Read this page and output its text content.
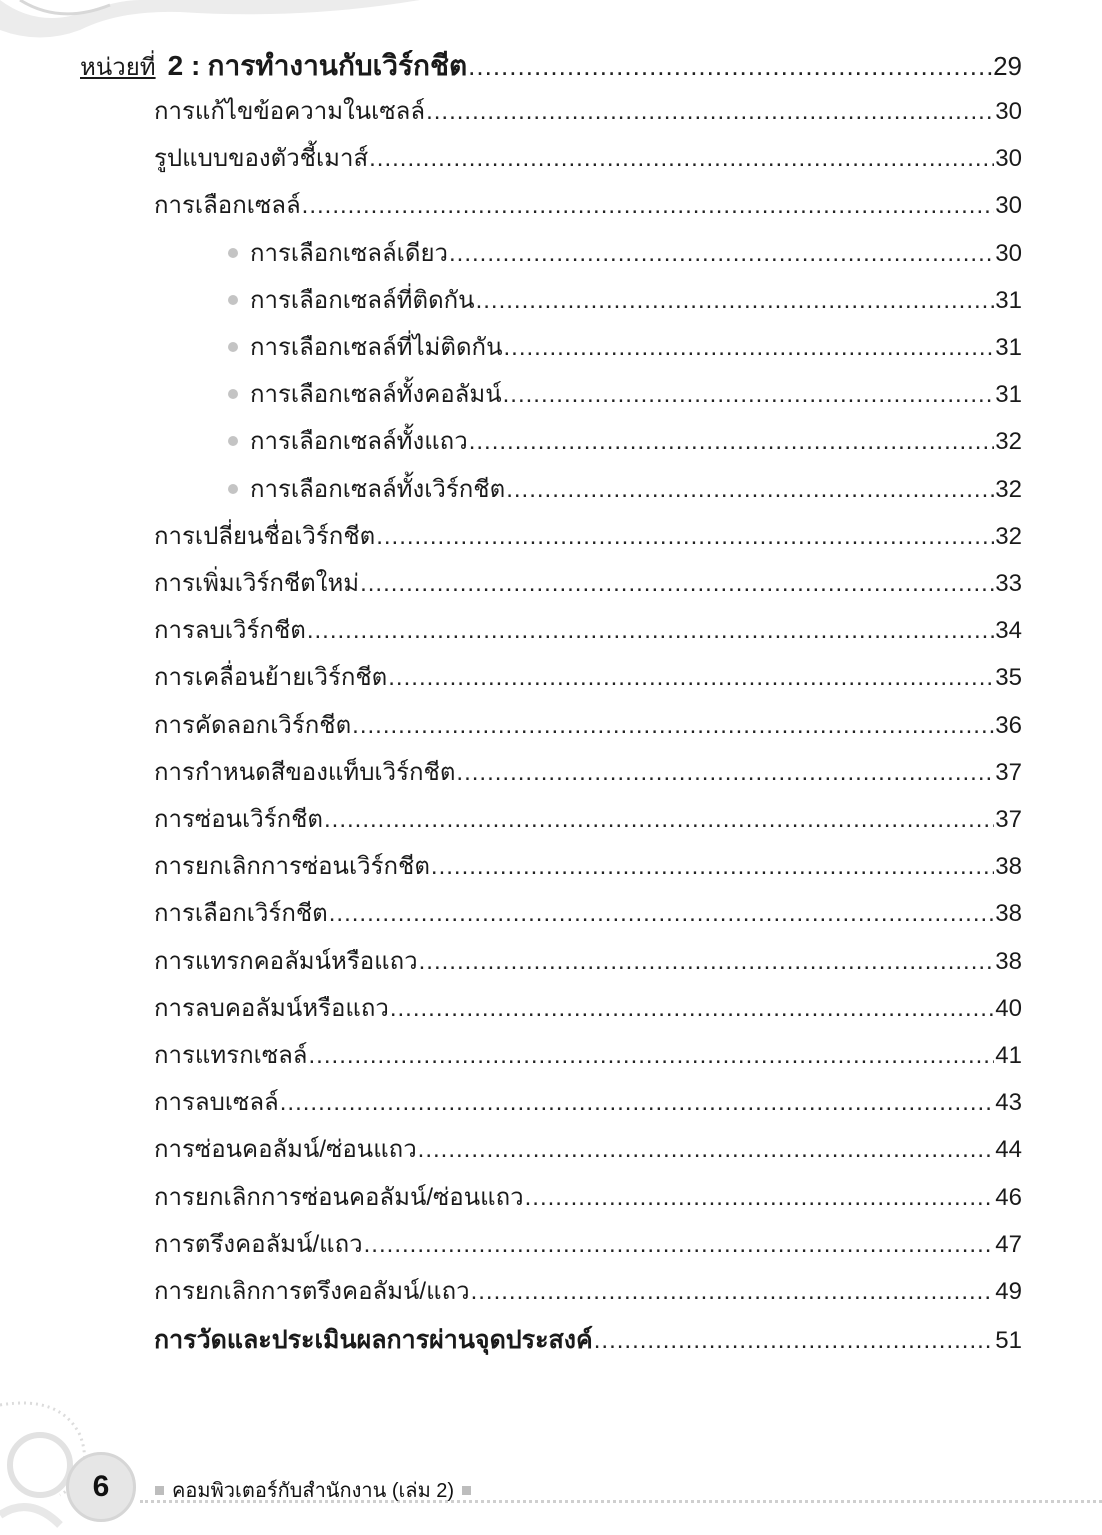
หน่วยที่ 2 : การทำงานกับเวิร์กชีต .....	29
การแก้ไขข้อความในเซลล์ .....	30
รูปแบบของตัวชี้เมาส์ .....	30
การเลือกเซลล์ .....	30
การเลือกเซลล์เดียว .....	30
การเลือกเซลล์ที่ติดกัน .....	31
การเลือกเซลล์ที่ไม่ติดกัน .....	31
การเลือกเซลล์ทั้งคอลัมน์ .....	31
การเลือกเซลล์ทั้งแถว .....	32
การเลือกเซลล์ทั้งเวิร์กชีต .....	32
การเปลี่ยนชื่อเวิร์กชีต .....	32
การเพิ่มเวิร์กชีตใหม่ .....	33
การลบเวิร์กชีต .....	34
การเคลื่อนย้ายเวิร์กชีต .....	35
การคัดลอกเวิร์กชีต .....	36
การกำหนดสีของแท็บเวิร์กชีต .....	37
การซ่อนเวิร์กชีต .....	37
การยกเลิกการซ่อนเวิร์กชีต .....	38
การเลือกเวิร์กชีต .....	38
การแทรกคอลัมน์หรือแถว .....	38
การลบคอลัมน์หรือแถว .....	40
การแทรกเซลล์ .....	41
การลบเซลล์ .....	43
การซ่อนคอลัมน์/ซ่อนแถว .....	44
การยกเลิกการซ่อนคอลัมน์/ซ่อนแถว .....	46
การตรึงคอลัมน์/แถว .....	47
การยกเลิกการตรึงคอลัมน์/แถว .....	49
การวัดและประเมินผลการผ่านจุดประสงค์ .....	51
6	คอมพิวเตอร์กับสำนักงาน (เล่ม 2)
